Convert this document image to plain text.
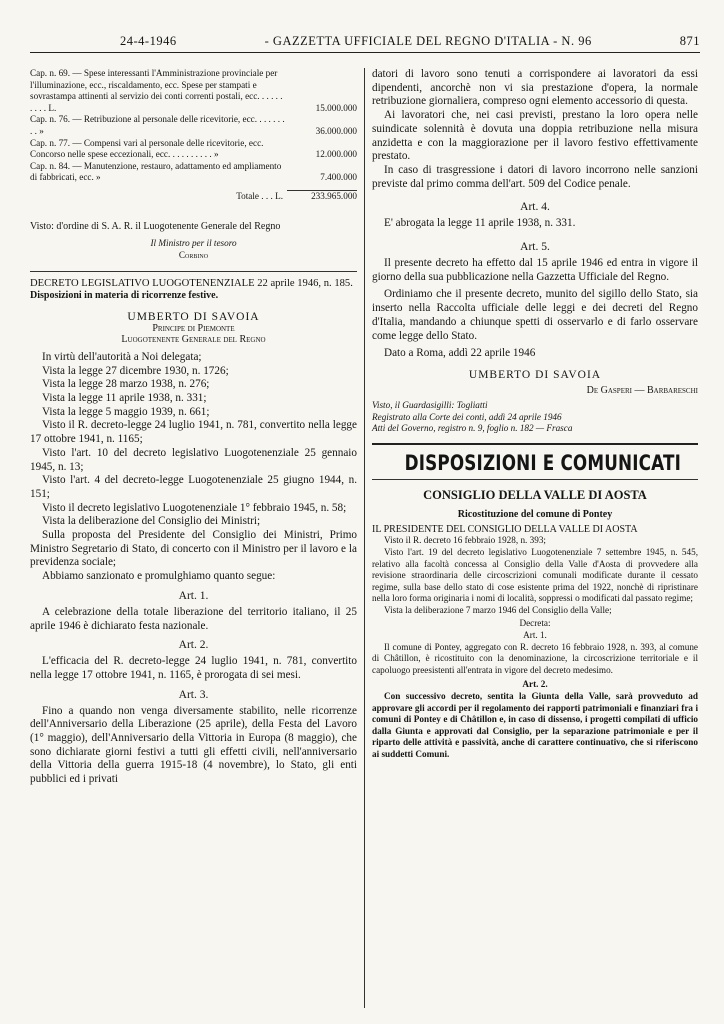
24-4-1946	- GAZZETTA UFFICIALE DEL REGNO D'ITALIA - N. 96	871
Cap. n. 69. — Spese interessanti l'Amministrazione provinciale per l'illuminazione, ecc., riscaldamento, ecc. Spese per stampati e sovrastampa attinenti al servizio dei conti correnti postali, ecc. . . . . . . . . . L.	15.000.000
Cap. n. 76. — Retribuzione al personale delle ricevitorie, ecc. . . . . . . . . »	36.000.000
Cap. n. 77. — Compensi vari al personale delle ricevitorie, ecc. Concorso nelle spese eccezionali, ecc. . . . . . . . . . »	12.000.000
Cap. n. 84. — Manutenzione, restauro, adattamento ed ampliamento di fabbricati, ecc. »	7.400.000
Totale . . . L.	233.965.000

Visto: d'ordine di S. A. R. il Luogotenente Generale del Regno

Il Ministro per il tesoro

Corbino

DECRETO LEGISLATIVO LUOGOTENENZIALE 22 aprile 1946, n. 185.

Disposizioni in materia di ricorrenze festive.

UMBERTO DI SAVOIA

Principe di Piemonte

Luogotenente Generale del Regno

In virtù dell'autorità a Noi delegata;

Vista la legge 27 dicembre 1930, n. 1726;

Vista la legge 28 marzo 1938, n. 276;

Vista la legge 11 aprile 1938, n. 331;

Vista la legge 5 maggio 1939, n. 661;

Visto il R. decreto-legge 24 luglio 1941, n. 781, convertito nella legge 17 ottobre 1941, n. 1165;

Visto l'art. 10 del decreto legislativo Luogotenenziale 25 gennaio 1945, n. 13;

Visto l'art. 4 del decreto-legge Luogotenenziale 25 giugno 1944, n. 151;

Visto il decreto legislativo Luogotenenziale 1° febbraio 1945, n. 58;

Vista la deliberazione del Consiglio dei Ministri;

Sulla proposta del Presidente del Consiglio dei Ministri, Primo Ministro Segretario di Stato, di concerto con il Ministro per il lavoro e la previdenza sociale;

Abbiamo sanzionato e promulghiamo quanto segue:

Art. 1.

A celebrazione della totale liberazione del territorio italiano, il 25 aprile 1946 è dichiarato festa nazionale.

Art. 2.

L'efficacia del R. decreto-legge 24 luglio 1941, n. 781, convertito nella legge 17 ottobre 1941, n. 1165, è prorogata di sei mesi.

Art. 3.

Fino a quando non venga diversamente stabilito, nelle ricorrenze dell'Anniversario della Liberazione (25 aprile), della Festa del Lavoro (1° maggio), dell'Anniversario della Vittoria in Europa (8 maggio), che sono dichiarate giorni festivi a tutti gli effetti civili, nell'anniversario della Vittoria della guerra 1915-18 (4 novembre), lo Stato, gli enti pubblici ed i privati

datori di lavoro sono tenuti a corrispondere ai lavoratori da essi dipendenti, ancorchè non vi sia prestazione d'opera, la normale retribuzione giornaliera, compreso ogni elemento accessorio di questa.

Ai lavoratori che, nei casi previsti, prestano la loro opera nelle suindicate solennità è dovuta una doppia retribuzione nella misura anzidetta e con la maggiorazione per il lavoro festivo effettivamente prestato.

In caso di trasgressione i datori di lavoro incorrono nelle sanzioni previste dal primo comma dell'art. 509 del Codice penale.

Art. 4.

E' abrogata la legge 11 aprile 1938, n. 331.

Art. 5.

Il presente decreto ha effetto dal 15 aprile 1946 ed entra in vigore il giorno della sua pubblicazione nella Gazzetta Ufficiale del Regno.

Ordiniamo che il presente decreto, munito del sigillo dello Stato, sia inserto nella Raccolta ufficiale delle leggi e dei decreti del Regno d'Italia, mandando a chiunque spetti di osservarlo e di farlo osservare come legge dello Stato.

Dato a Roma, addì 22 aprile 1946

UMBERTO DI SAVOIA

De Gasperi — Barbareschi

Visto, il Guardasigilli: Togliatti

Registrato alla Corte dei conti, addì 24 aprile 1946

Atti del Governo, registro n. 9, foglio n. 182 — Frasca

DISPOSIZIONI E COMUNICATI

CONSIGLIO DELLA VALLE DI AOSTA

Ricostituzione del comune di Pontey

IL PRESIDENTE DEL CONSIGLIO DELLA VALLE DI AOSTA

Visto il R. decreto 16 febbraio 1928, n. 393;

Visto l'art. 19 del decreto legislativo Luogotenenziale 7 settembre 1945, n. 545, relativo alla facoltà concessa al Consiglio della Valle d'Aosta di provvedere alla revisione straordinaria delle circoscrizioni comunali modificate durante il cessato regime, sulla base dello stato di cose esistente prima del 1922, nonchè di ripristinare nella loro forma originaria i nomi di località, soppressi o modificati dal passato regime;

Vista la deliberazione 7 marzo 1946 del Consiglio della Valle;

Decreta:

Art. 1.

Il comune di Pontey, aggregato con R. decreto 16 febbraio 1928, n. 393, al comune di Châtillon, è ricostituito con la denominazione, la circoscrizione territoriale e il capoluogo preesistenti all'entrata in vigore del decreto medesimo.

Art. 2.

Con successivo decreto, sentita la Giunta della Valle, sarà provveduto ad approvare gli accordi per il regolamento dei rapporti patrimoniali e finanziari fra i comuni di Pontey e di Châtillon e, in caso di dissenso, i progetti compilati di ufficio dalla Giunta e approvati dal Consiglio, per la separazione patrimoniale e per il riparto delle attività e passività, anche di carattere continuativo, che si riferiscono ai suddetti Comuni.
